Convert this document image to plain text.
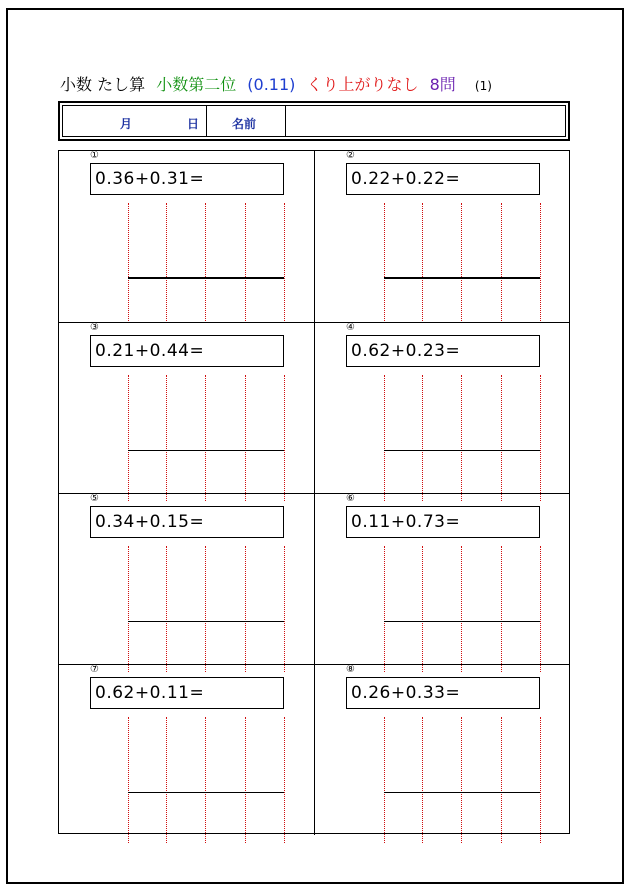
小数 たし算 小数第二位 (0.11) くり上がりなし 8問 (1)
月	日	名前
①
0.36+0.31=
②
0.22+0.22=
③
0.21+0.44=
④
0.62+0.23=
⑤
0.34+0.15=
⑥
0.11+0.73=
⑦
0.62+0.11=
⑧
0.26+0.33=
